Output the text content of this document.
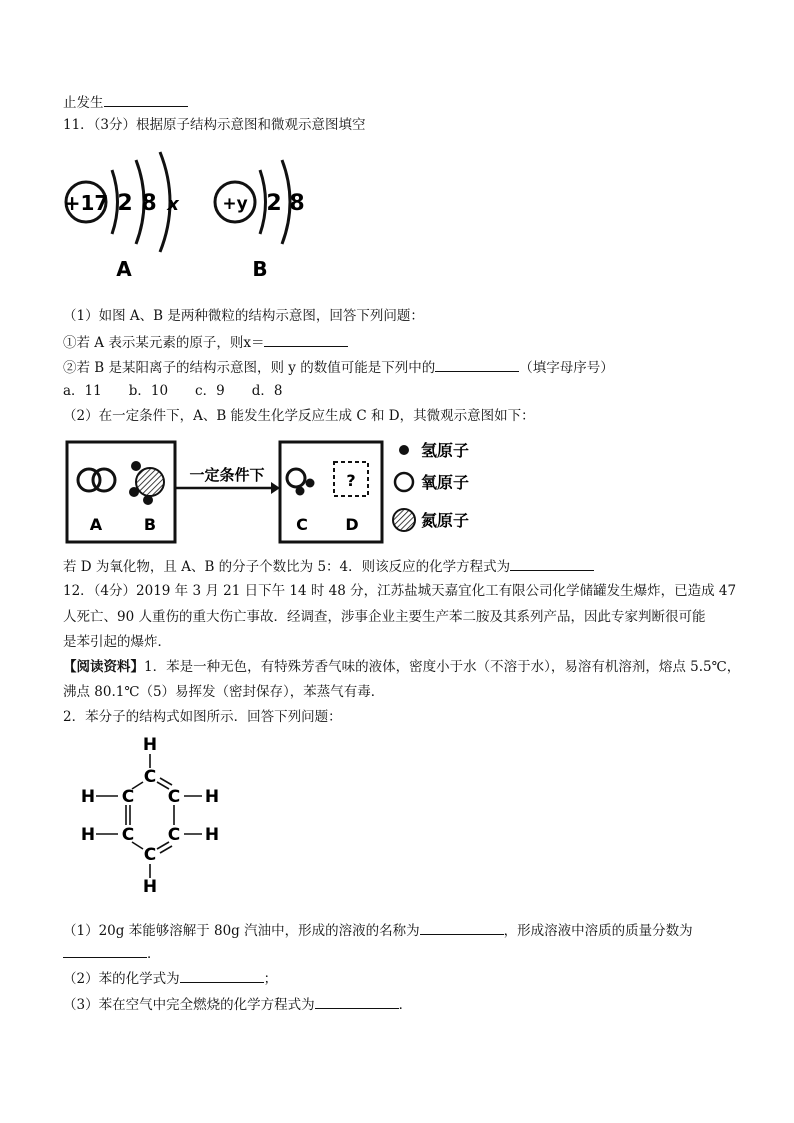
止发生
11．（3分）根据原子结构示意图和微观示意图填空
+17 2 8 x
A
+y 2 8
B
（1）如图 A、B 是两种微粒的结构示意图，回答下列问题：
①若 A 表示某元素的原子，则x＝
②若 B 是某阳离子的结构示意图，则 y 的数值可能是下列中的	（填字母序号）
a．11　　b．10　　c．9　　d．8
（2）在一定条件下，A、B 能发生化学反应生成 C 和 D，其微观示意图如下：
A	B
一定条件下	?
C D
氢原子
氧原子
氮原子
若 D 为氧化物，且 A、B 的分子个数比为 5：4．则该反应的化学方程式为
12．（4分）2019 年 3 月 21 日下午 14 时 48 分，江苏盐城天嘉宜化工有限公司化学储罐发生爆炸，已造成 47
人死亡、90 人重伤的重大伤亡事故．经调查，涉事企业主要生产苯二胺及其系列产品，因此专家判断很可能
是苯引起的爆炸．
【阅读资料】1．苯是一种无色，有特殊芳香气味的液体，密度小于水（不溶于水），易溶有机溶剂，熔点 5.5℃，
沸点 80.1℃（5）易挥发（密封保存），苯蒸气有毒．
2．苯分子的结构式如图所示．回答下列问题：
H
C
H C C H
H C C H
C
H
（1）20g 苯能够溶解于 80g 汽油中，形成的溶液的名称为	，形成溶液中溶质的质量分数为
．
（2）苯的化学式为	；
（3）苯在空气中完全燃烧的化学方程式为	．
